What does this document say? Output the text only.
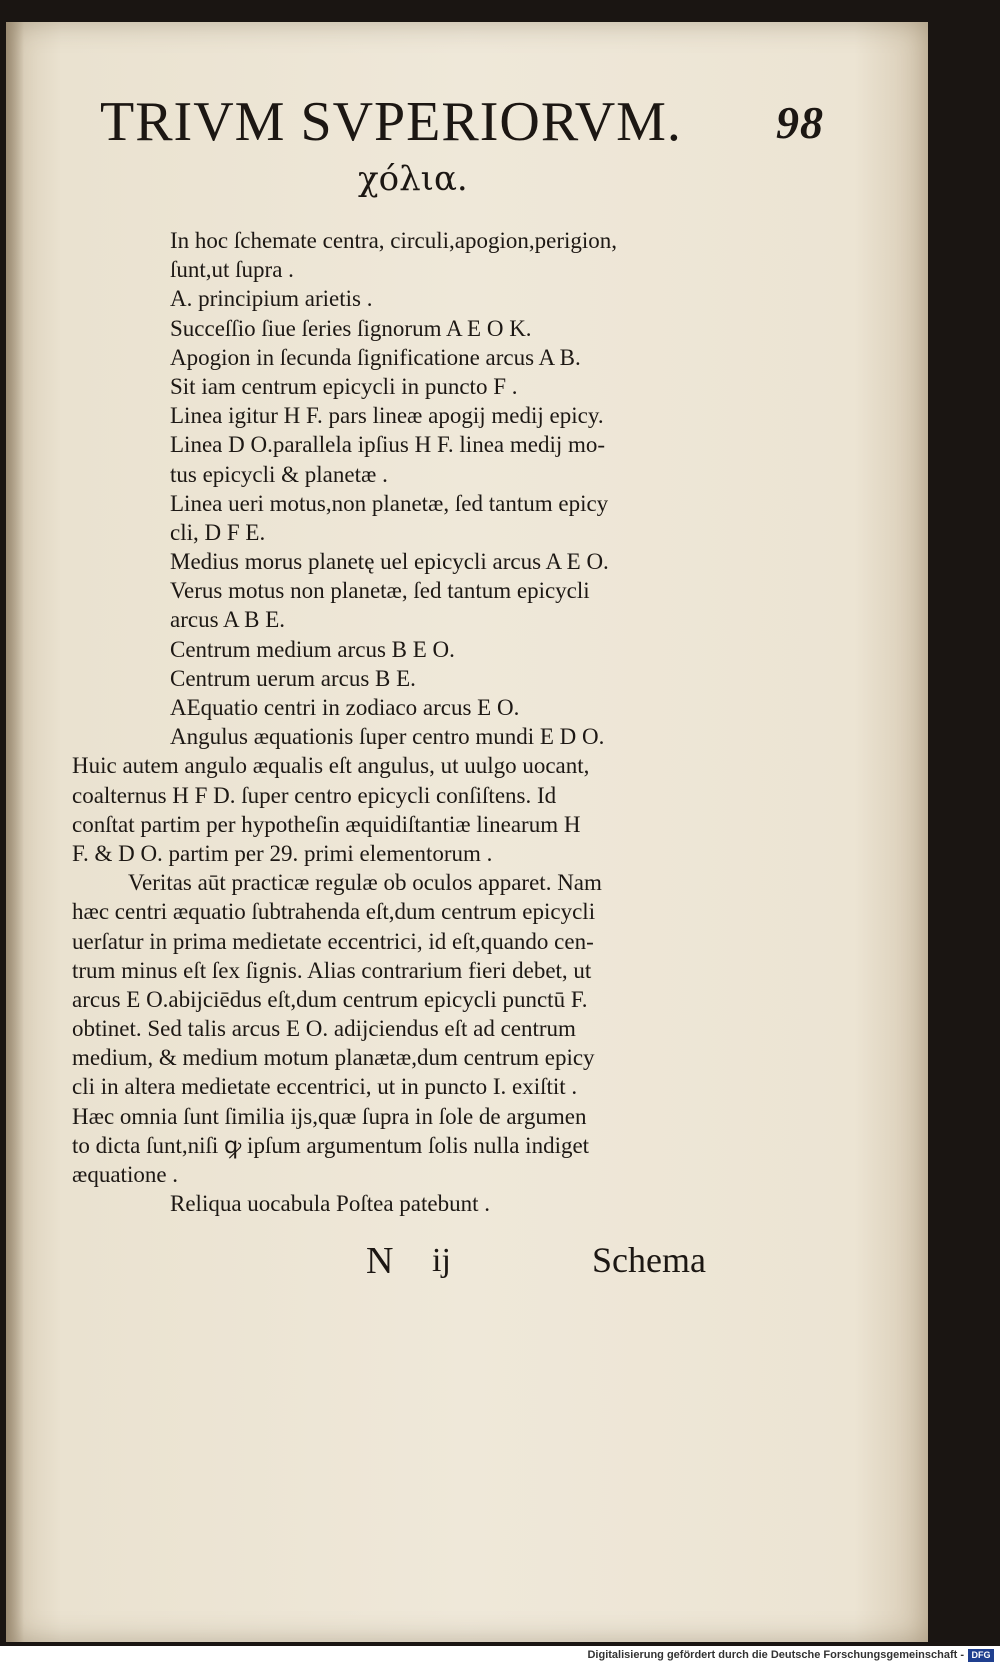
TRIVM SVPERIORVM. 98
χόλια.
In hoc ſchemate centra, circuli,apogion,perigion,
ſunt,ut ſupra .
A. principium arietis .
Succeſſio ſiue ſeries ſignorum A E O K.
Apogion in ſecunda ſignificatione arcus A B.
Sit iam centrum epicycli in puncto F .
Linea igitur H F. pars lineæ apogij medij epicy.
Linea D O.parallela ipſius H F. linea medij mo-
tus epicycli & planetæ .
Linea ueri motus,non planetæ, ſed tantum epicy
cli, D F E.
Medius morus planetę uel epicycli arcus A E O.
Verus motus non planetæ, ſed tantum epicycli
arcus A B E.
Centrum medium arcus B E O.
Centrum uerum arcus B E.
AEquatio centri in zodiaco arcus E O.
Angulus æquationis ſuper centro mundi E D O.
Huic autem angulo æqualis eſt angulus, ut uulgo uocant,
coalternus H F D. ſuper centro epicycli conſiſtens. Id
conſtat partim per hypotheſin æquidiſtantiæ linearum H
F. & D O. partim per 29. primi elementorum .
Veritas aūt practicæ regulæ ob oculos apparet. Nam
hæc centri æquatio ſubtrahenda eſt,dum centrum epicycli
uerſatur in prima medietate eccentrici, id eſt,quando cen-
trum minus eſt ſex ſignis. Alias contrarium fieri debet, ut
arcus E O.abijciēdus eſt,dum centrum epicycli punctū F.
obtinet. Sed talis arcus E O. adijciendus eſt ad centrum
medium, & medium motum planætæ,dum centrum epicy
cli in altera medietate eccentrici, ut in puncto I. exiſtit .
Hæc omnia ſunt ſimilia ijs,quæ ſupra in ſole de argumen
to dicta ſunt,niſi ꝙ ipſum argumentum ſolis nulla indiget
æquatione .
Reliqua uocabula Poſtea patebunt .
N ij	Schema
Digitalisierung gefördert durch die Deutsche Forschungsgemeinschaft - DFG
